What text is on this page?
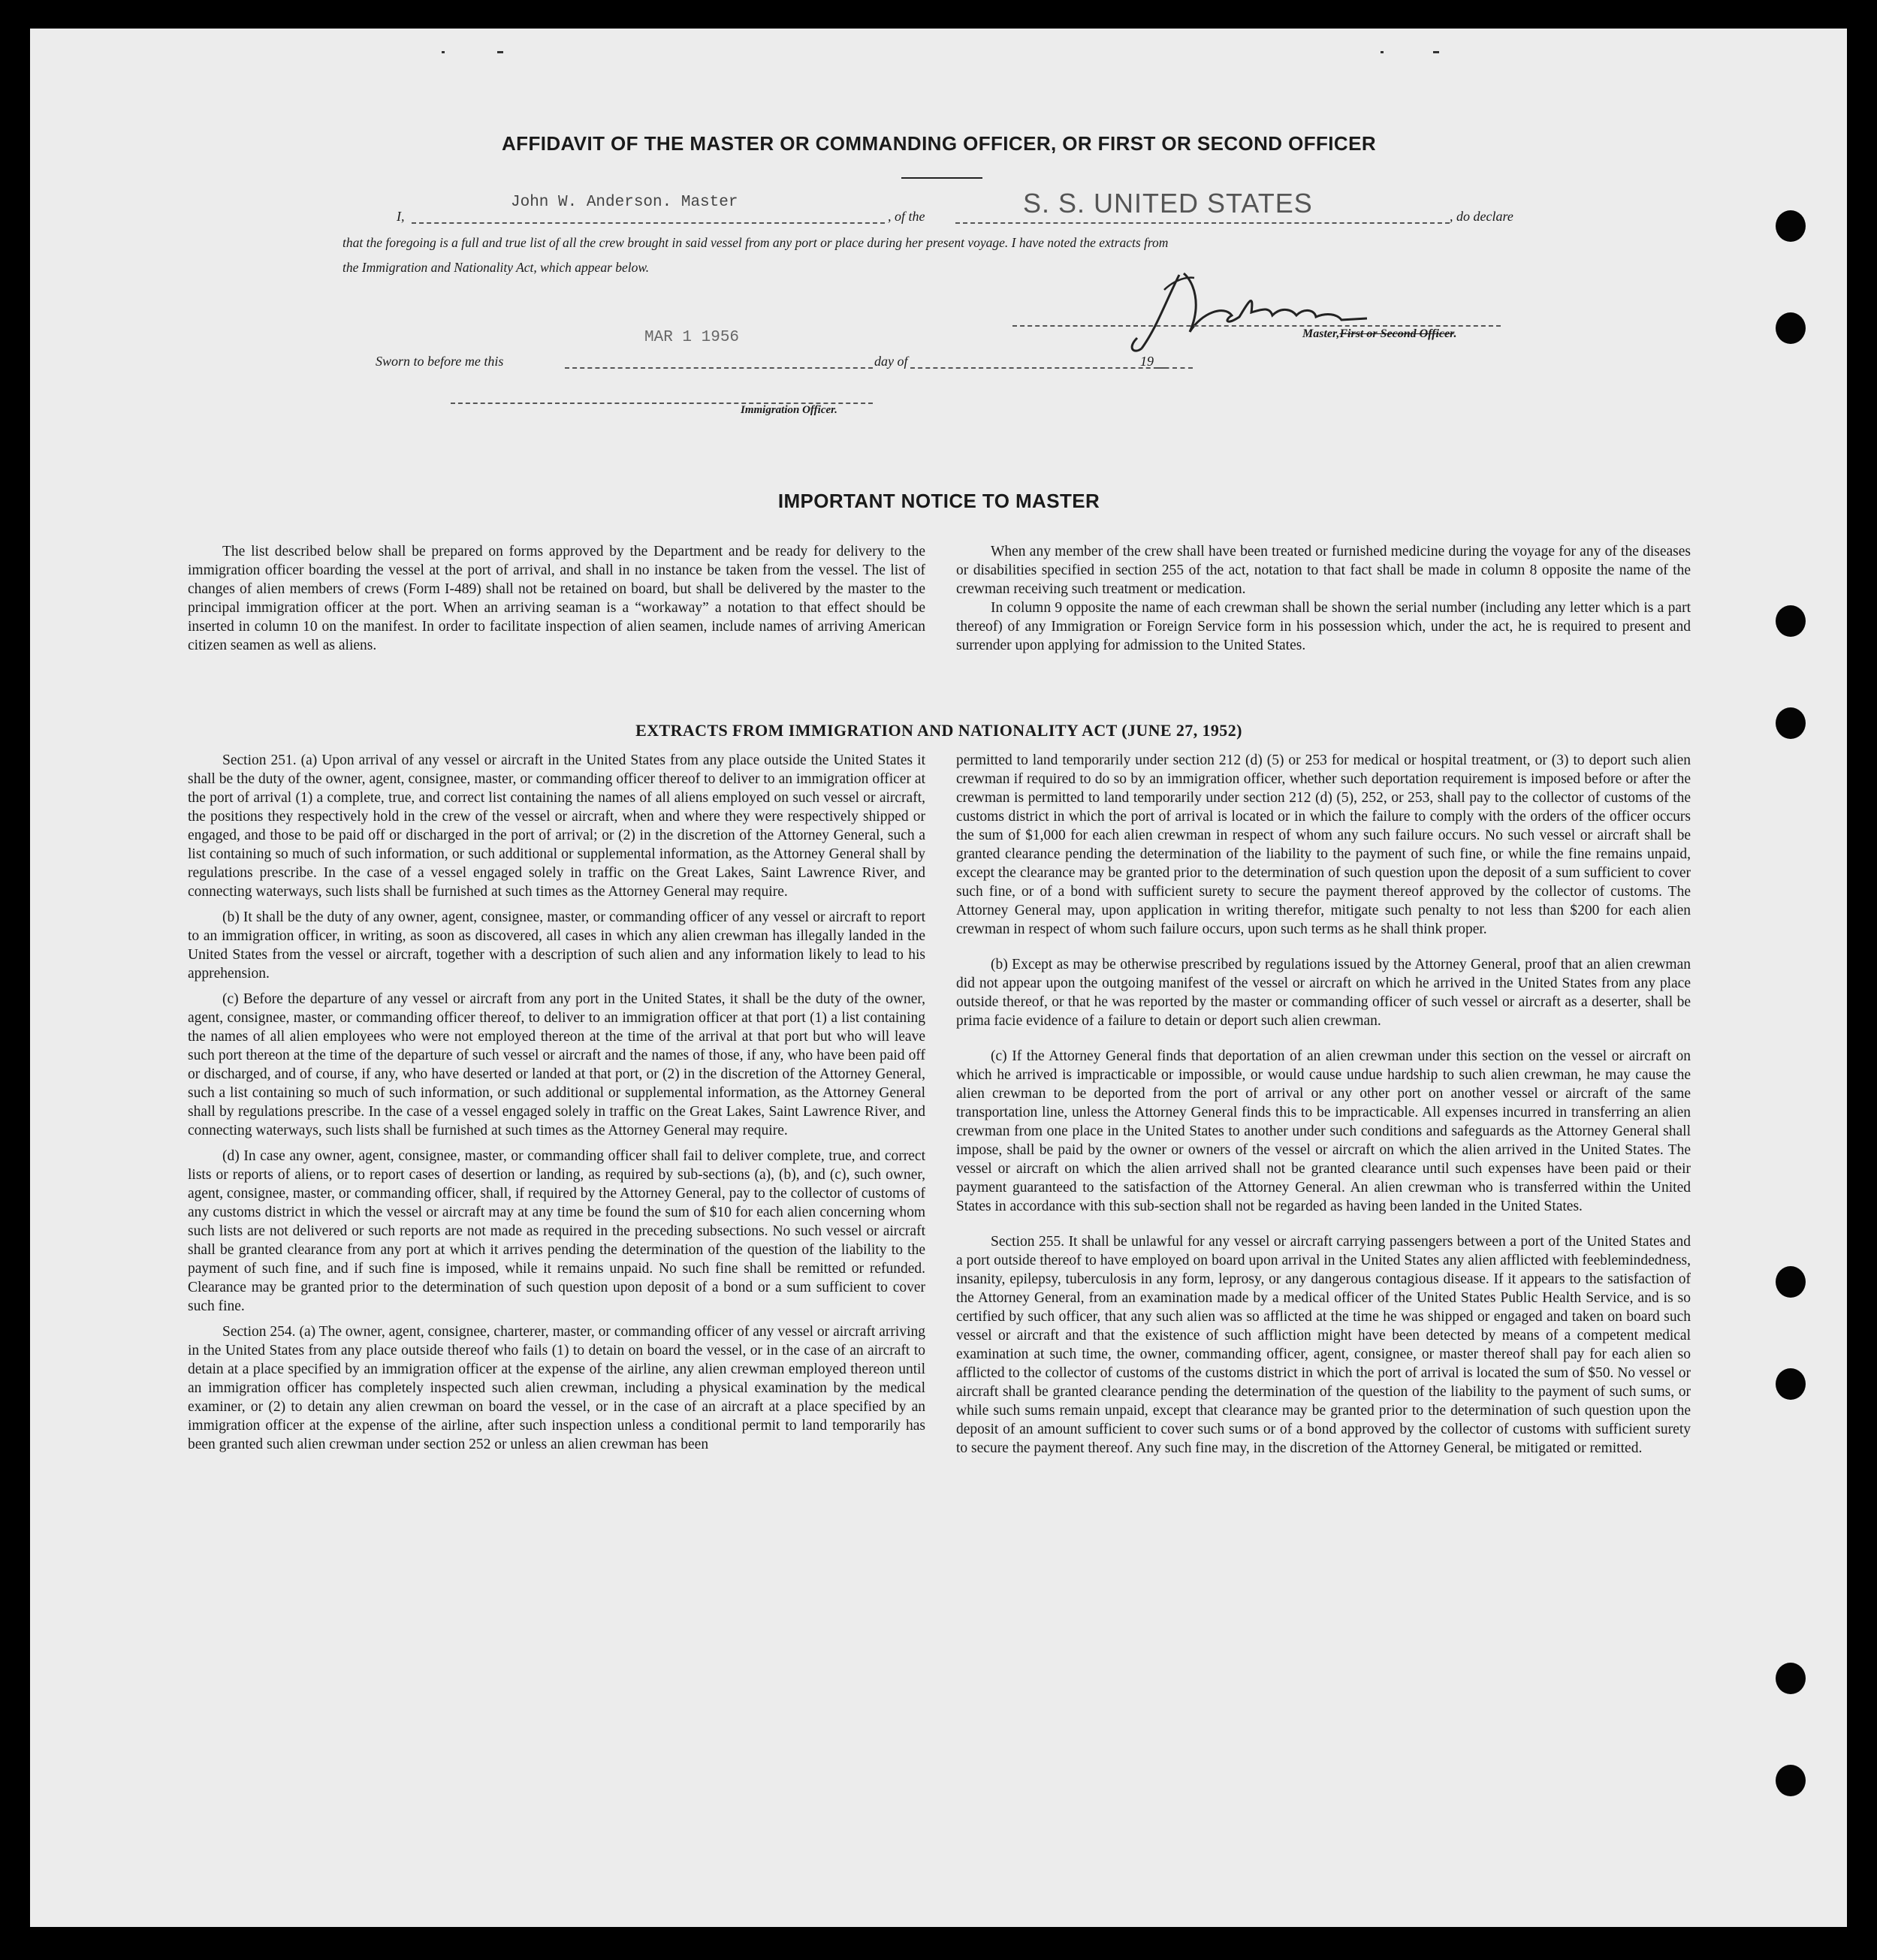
AFFIDAVIT OF THE MASTER OR COMMANDING OFFICER, OR FIRST OR SECOND OFFICER
I,
John W. Anderson. Master
, of the	S. S. UNITED STATES	, do declare
that the foregoing is a full and true list of all the crew brought in said vessel from any port or place during her present voyage. I have noted the extracts from
the Immigration and Nationality Act, which appear below.
Master,First or Second Officer.
Sworn to before me this
MAR 1 1956
day of	19
Immigration Officer.
IMPORTANT NOTICE TO MASTER

The list described below shall be prepared on forms approved by the Department and be ready for delivery to the immigration officer boarding the vessel at the port of arrival, and shall in no instance be taken from the vessel. The list of changes of alien members of crews (Form I-489) shall not be retained on board, but shall be delivered by the master to the principal immigration officer at the port. When an arriving seaman is a “workaway” a notation to that effect should be inserted in column 10 on the manifest. In order to facilitate inspection of alien seamen, include names of arriving American citizen seamen as well as aliens.

When any member of the crew shall have been treated or furnished medicine during the voyage for any of the diseases or disabilities specified in section 255 of the act, notation to that fact shall be made in column 8 opposite the name of the crewman receiving such treatment or medication.

In column 9 opposite the name of each crewman shall be shown the serial number (including any letter which is a part thereof) of any Immigration or Foreign Service form in his possession which, under the act, he is required to present and surrender upon applying for admission to the United States.

EXTRACTS FROM IMMIGRATION AND NATIONALITY ACT (JUNE 27, 1952)

Section 251. (a) Upon arrival of any vessel or aircraft in the United States from any place outside the United States it shall be the duty of the owner, agent, consignee, master, or commanding officer thereof to deliver to an immigration officer at the port of arrival (1) a complete, true, and correct list containing the names of all aliens employed on such vessel or aircraft, the positions they respectively hold in the crew of the vessel or aircraft, when and where they were respectively shipped or engaged, and those to be paid off or discharged in the port of arrival; or (2) in the discretion of the Attorney General, such a list containing so much of such information, or such additional or supplemental information, as the Attorney General shall by regulations prescribe. In the case of a vessel engaged solely in traffic on the Great Lakes, Saint Lawrence River, and connecting waterways, such lists shall be furnished at such times as the Attorney General may require.

(b) It shall be the duty of any owner, agent, consignee, master, or commanding officer of any vessel or aircraft to report to an immigration officer, in writing, as soon as discovered, all cases in which any alien crewman has illegally landed in the United States from the vessel or aircraft, together with a description of such alien and any information likely to lead to his apprehension.

(c) Before the departure of any vessel or aircraft from any port in the United States, it shall be the duty of the owner, agent, consignee, master, or commanding officer thereof, to deliver to an immigration officer at that port (1) a list containing the names of all alien employees who were not employed thereon at the time of the arrival at that port but who will leave such port thereon at the time of the departure of such vessel or aircraft and the names of those, if any, who have been paid off or discharged, and of course, if any, who have deserted or landed at that port, or (2) in the discretion of the Attorney General, such a list containing so much of such information, or such additional or supplemental information, as the Attorney General shall by regulations prescribe. In the case of a vessel engaged solely in traffic on the Great Lakes, Saint Lawrence River, and connecting waterways, such lists shall be furnished at such times as the Attorney General may require.

(d) In case any owner, agent, consignee, master, or commanding officer shall fail to deliver complete, true, and correct lists or reports of aliens, or to report cases of desertion or landing, as required by sub-sections (a), (b), and (c), such owner, agent, consignee, master, or commanding officer, shall, if required by the Attorney General, pay to the collector of customs of any customs district in which the vessel or aircraft may at any time be found the sum of $10 for each alien concerning whom such lists are not delivered or such reports are not made as required in the preceding subsections. No such vessel or aircraft shall be granted clearance from any port at which it arrives pending the determination of the question of the liability to the payment of such fine, and if such fine is imposed, while it remains unpaid. No such fine shall be remitted or refunded. Clearance may be granted prior to the determination of such question upon deposit of a bond or a sum sufficient to cover such fine.

Section 254. (a) The owner, agent, consignee, charterer, master, or commanding officer of any vessel or aircraft arriving in the United States from any place outside thereof who fails (1) to detain on board the vessel, or in the case of an aircraft to detain at a place specified by an immigration officer at the expense of the airline, any alien crewman employed thereon until an immigration officer has completely inspected such alien crewman, including a physical examination by the medical examiner, or (2) to detain any alien crewman on board the vessel, or in the case of an aircraft at a place specified by an immigration officer at the expense of the airline, after such inspection unless a conditional permit to land temporarily has been granted such alien crewman under section 252 or unless an alien crewman has been

permitted to land temporarily under section 212 (d) (5) or 253 for medical or hospital treatment, or (3) to deport such alien crewman if required to do so by an immigration officer, whether such deportation requirement is imposed before or after the crewman is permitted to land temporarily under section 212 (d) (5), 252, or 253, shall pay to the collector of customs of the customs district in which the port of arrival is located or in which the failure to comply with the orders of the officer occurs the sum of $1,000 for each alien crewman in respect of whom any such failure occurs. No such vessel or aircraft shall be granted clearance pending the determination of the liability to the payment of such fine, or while the fine remains unpaid, except the clearance may be granted prior to the determination of such question upon the deposit of a sum sufficient to cover such fine, or of a bond with sufficient surety to secure the payment thereof approved by the collector of customs. The Attorney General may, upon application in writing therefor, mitigate such penalty to not less than $200 for each alien crewman in respect of whom such failure occurs, upon such terms as he shall think proper.

(b) Except as may be otherwise prescribed by regulations issued by the Attorney General, proof that an alien crewman did not appear upon the outgoing manifest of the vessel or aircraft on which he arrived in the United States from any place outside thereof, or that he was reported by the master or commanding officer of such vessel or aircraft as a deserter, shall be prima facie evidence of a failure to detain or deport such alien crewman.

(c) If the Attorney General finds that deportation of an alien crewman under this section on the vessel or aircraft on which he arrived is impracticable or impossible, or would cause undue hardship to such alien crewman, he may cause the alien crewman to be deported from the port of arrival or any other port on another vessel or aircraft of the same transportation line, unless the Attorney General finds this to be impracticable. All expenses incurred in transferring an alien crewman from one place in the United States to another under such conditions and safeguards as the Attorney General shall impose, shall be paid by the owner or owners of the vessel or aircraft on which the alien arrived in the United States. The vessel or aircraft on which the alien arrived shall not be granted clearance until such expenses have been paid or their payment guaranteed to the satisfaction of the Attorney General. An alien crewman who is transferred within the United States in accordance with this sub-section shall not be regarded as having been landed in the United States.

Section 255. It shall be unlawful for any vessel or aircraft carrying passengers between a port of the United States and a port outside thereof to have employed on board upon arrival in the United States any alien afflicted with feeblemindedness, insanity, epilepsy, tuberculosis in any form, leprosy, or any dangerous contagious disease. If it appears to the satisfaction of the Attorney General, from an examination made by a medical officer of the United States Public Health Service, and is so certified by such officer, that any such alien was so afflicted at the time he was shipped or engaged and taken on board such vessel or aircraft and that the existence of such affliction might have been detected by means of a competent medical examination at such time, the owner, commanding officer, agent, consignee, or master thereof shall pay for each alien so afflicted to the collector of customs of the customs district in which the port of arrival is located the sum of $50. No vessel or aircraft shall be granted clearance pending the determination of the question of the liability to the payment of such sums, or while such sums remain unpaid, except that clearance may be granted prior to the determination of such question upon the deposit of an amount sufficient to cover such sums or of a bond approved by the collector of customs with sufficient surety to secure the payment thereof. Any such fine may, in the discretion of the Attorney General, be mitigated or remitted.
